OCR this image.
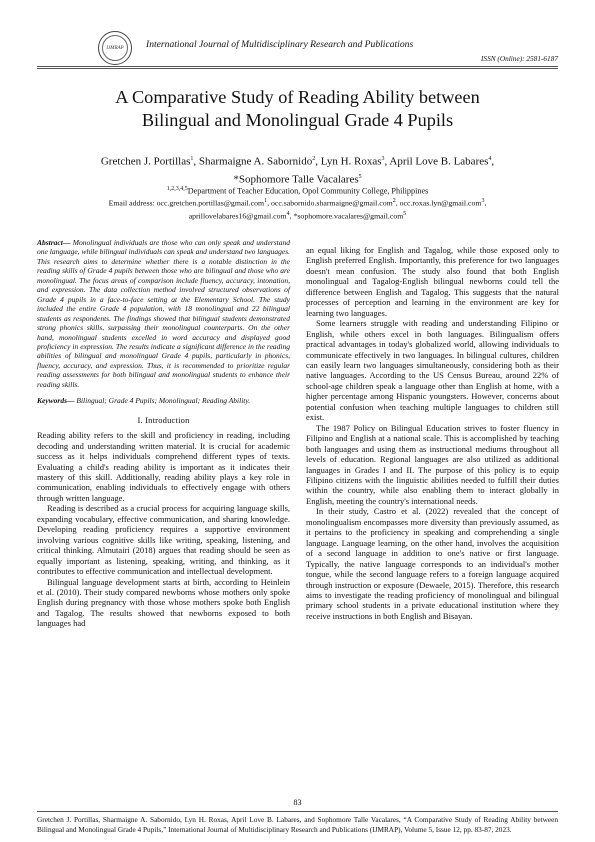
IJMRAP International Journal of Multidisciplinary Research and Publications
ISSN (Online): 2581-6187
A Comparative Study of Reading Ability between
Bilingual and Monolingual Grade 4 Pupils
Gretchen J. Portillas$^1$, Sharmaigne A. Sabornido$^2$, Lyn H. Roxas$^3$, April Love B. Labares$^4$,
*Sophomore Talle Vacalares$^5$
$^{1,2,3,4,5}$Department of Teacher Education, Opol Community College, Philippines
Email address: occ.gretchen.portillas@gmail.com$^1$, occ.sabornido.sharmaigne@gmail.com$^2$, occ.roxas.lyn@gmail.com$^3$,
aprillovelabares16@gmail.com$^4$, *sophomore.vacalares@gmail.com$^5$
Abstract— Monolingual individuals are those who can only speak and understand one language, while bilingual individuals can speak and understand two languages. This research aims to determine whether there is a notable distinction in the reading skills of Grade 4 pupils between those who are bilingual and those who are monolingual. The focus areas of comparison include fluency, accuracy, intonation, and expression. The data collection method involved structured observations of Grade 4 pupils in a face-to-face setting at the Elementary School. The study included the entire Grade 4 population, with 18 monolingual and 22 bilingual students as respondents. The findings showed that bilingual students demonstrated strong phonics skills, surpassing their monolingual counterparts. On the other hand, monolingual students excelled in word accuracy and displayed good proficiency in expression. The results indicate a significant difference in the reading abilities of bilingual and monolingual Grade 4 pupils, particularly in phonics, fluency, accuracy, and expression. Thus, it is recommended to prioritize regular reading assessments for both bilingual and monolingual students to enhance their reading skills.
Keywords— Bilingual; Grade 4 Pupils; Monolingual; Reading Ability.
I. Introduction

Reading ability refers to the skill and proficiency in reading, including decoding and understanding written material. It is crucial for academic success as it helps individuals comprehend different types of texts. Evaluating a child's reading ability is important as it indicates their mastery of this skill. Additionally, reading ability plays a key role in communication, enabling individuals to effectively engage with others through written language.

Reading is described as a crucial process for acquiring language skills, expanding vocabulary, effective communication, and sharing knowledge. Developing reading proficiency requires a supportive environment involving various cognitive skills like writing, speaking, listening, and critical thinking. Almutairi (2018) argues that reading should be seen as equally important as listening, speaking, writing, and thinking, as it contributes to effective communication and intellectual development.

Bilingual language development starts at birth, according to Heinlein et al. (2010). Their study compared newborns whose mothers only spoke English during pregnancy with those whose mothers spoke both English and Tagalog. The results showed that newborns exposed to both languages had

an equal liking for English and Tagalog, while those exposed only to English preferred English. Importantly, this preference for two languages doesn't mean confusion. The study also found that both English monolingual and Tagalog-English bilingual newborns could tell the difference between English and Tagalog. This suggests that the natural processes of perception and learning in the environment are key for learning two languages.

Some learners struggle with reading and understanding Filipino or English, while others excel in both languages. Bilingualism offers practical advantages in today's globalized world, allowing individuals to communicate effectively in two languages. In bilingual cultures, children can easily learn two languages simultaneously, considering both as their native languages. According to the US Census Bureau, around 22% of school-age children speak a language other than English at home, with a higher percentage among Hispanic youngsters. However, concerns about potential confusion when teaching multiple languages to children still exist.

The 1987 Policy on Bilingual Education strives to foster fluency in Filipino and English at a national scale. This is accomplished by teaching both languages and using them as instructional mediums throughout all levels of education. Regional languages are also utilized as additional languages in Grades I and II. The purpose of this policy is to equip Filipino citizens with the linguistic abilities needed to fulfill their duties within the country, while also enabling them to interact globally in English, meeting the country's international needs.

In their study, Castro et al. (2022) revealed that the concept of monolingualism encompasses more diversity than previously assumed, as it pertains to the proficiency in speaking and comprehending a single language. Language learning, on the other hand, involves the acquisition of a second language in addition to one's native or first language. Typically, the native language corresponds to an individual's mother tongue, while the second language refers to a foreign language acquired through instruction or exposure (Dewaele, 2015). Therefore, this research aims to investigate the reading proficiency of monolingual and bilingual primary school students in a private educational institution where they receive instructions in both English and Bisayan.

83
Gretchen J. Portillas, Sharmaigne A. Sabornido, Lyn H. Roxas, April Love B. Labares, and Sophomore Talle Vacalares, “A Comparative Study of Reading Ability between Bilingual and Monolingual Grade 4 Pupils,” International Journal of Multidisciplinary Research and Publications (IJMRAP), Volume 5, Issue 12, pp. 83-87, 2023.
